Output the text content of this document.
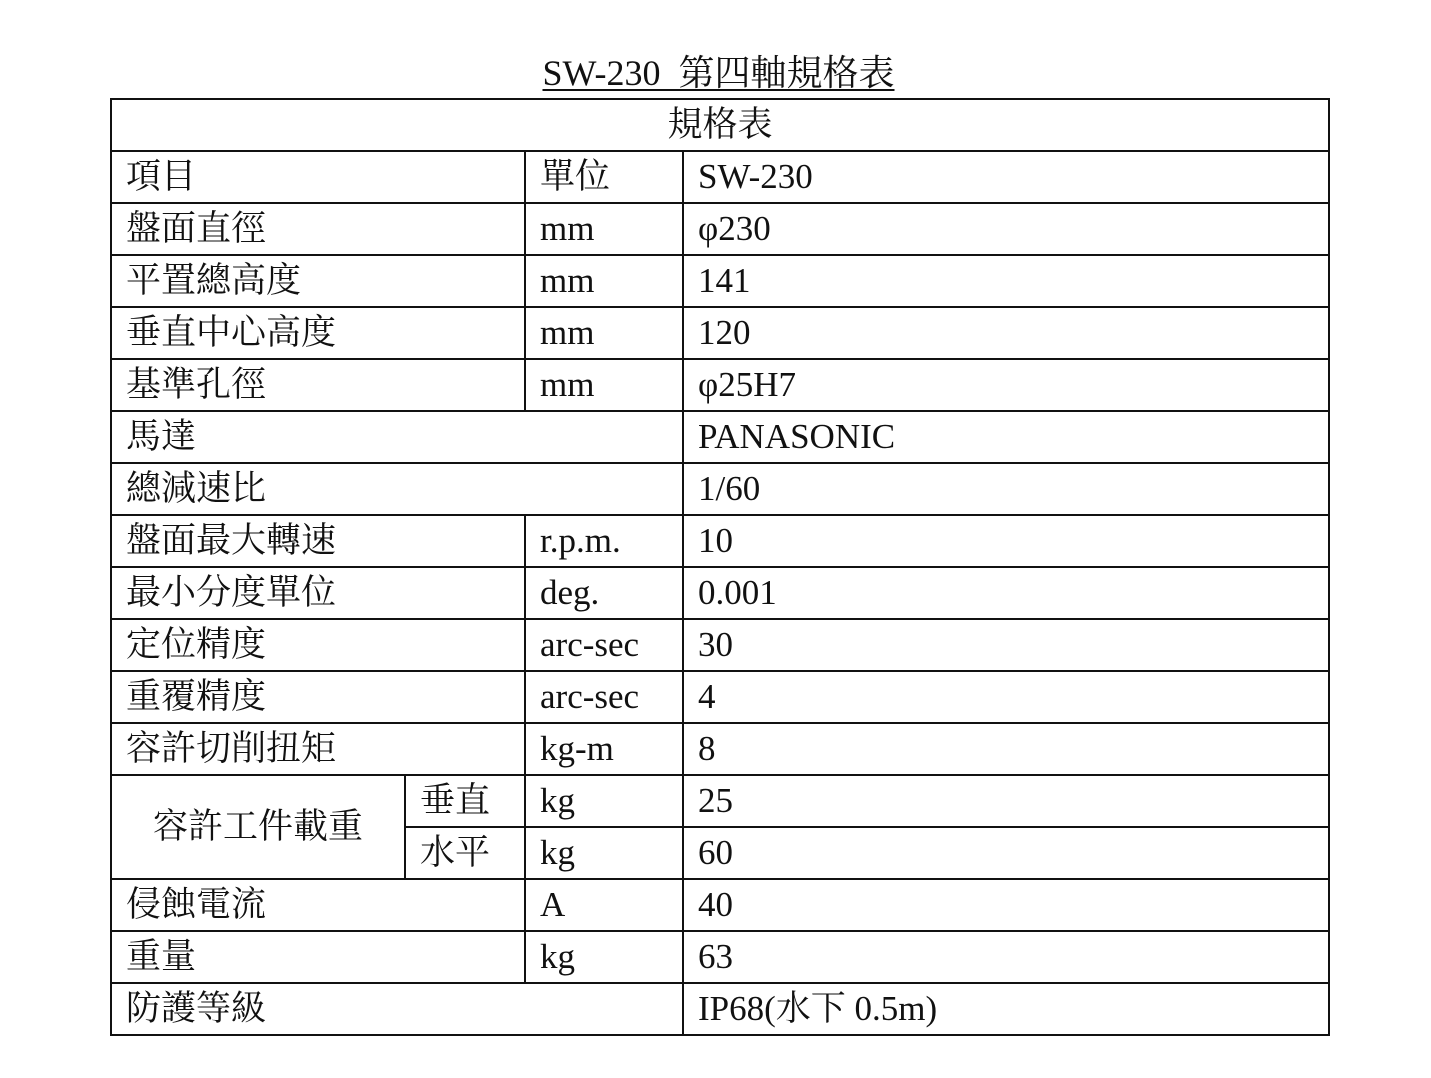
SW-230  第四軸規格表
規格表			
項目		單位	SW-230
盤面直徑		mm	φ230
平置總高度		mm	141
垂直中心高度		mm	120
基準孔徑		mm	φ25H7
馬達			PANASONIC
總減速比			1/60
盤面最大轉速		r.p.m.	10
最小分度單位		deg.	0.001
定位精度		arc-sec	30
重覆精度		arc-sec	4
容許切削扭矩		kg-m	8
容許工件載重	垂直	kg	25
	水平	kg	60
侵蝕電流		A	40
重量		kg	63
防護等級			IP68(水下 0.5m)
